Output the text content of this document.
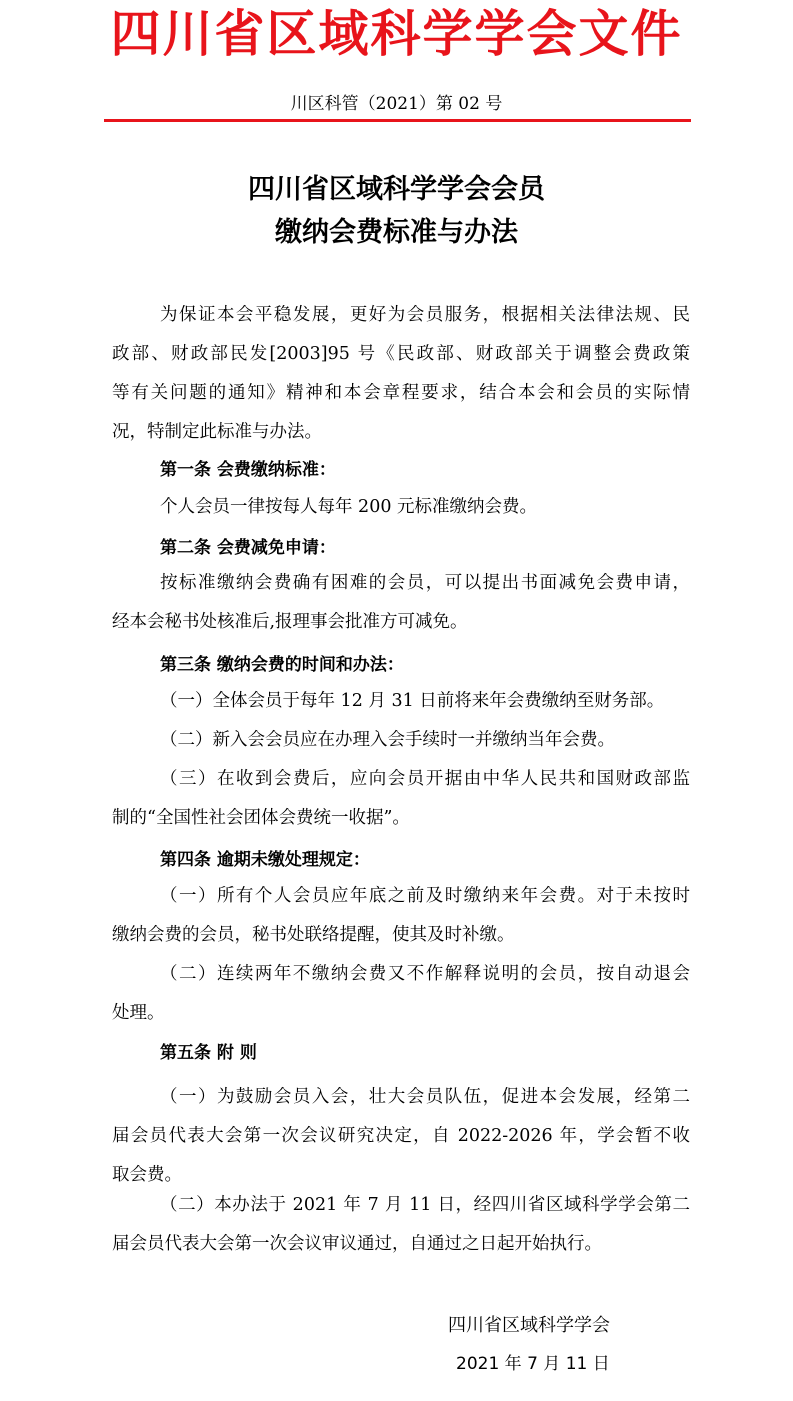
四川省区域科学学会文件
川区科管（2021）第 02 号
四川省区域科学学会会员
缴纳会费标准与办法
为保证本会平稳发展，更好为会员服务，根据相关法律法规、民
政部、财政部民发[2003]95 号《民政部、财政部关于调整会费政策
等有关问题的通知》精神和本会章程要求，结合本会和会员的实际情
况，特制定此标准与办法。
第一条 会费缴纳标准：
个人会员一律按每人每年 200 元标准缴纳会费。
第二条 会费减免申请：
按标准缴纳会费确有困难的会员，可以提出书面减免会费申请，
经本会秘书处核准后,报理事会批准方可减免。
第三条 缴纳会费的时间和办法：
（一）全体会员于每年 12 月 31 日前将来年会费缴纳至财务部。
（二）新入会会员应在办理入会手续时一并缴纳当年会费。
（三）在收到会费后，应向会员开据由中华人民共和国财政部监
制的“全国性社会团体会费统一收据”。
第四条 逾期未缴处理规定：
（一）所有个人会员应年底之前及时缴纳来年会费。对于未按时
缴纳会费的会员，秘书处联络提醒，使其及时补缴。
（二）连续两年不缴纳会费又不作解释说明的会员，按自动退会
处理。
第五条 附 则
（一）为鼓励会员入会，壮大会员队伍，促进本会发展，经第二
届会员代表大会第一次会议研究决定，自 2022-2026 年，学会暂不收
取会费。
（二）本办法于 2021 年 7 月 11 日，经四川省区域科学学会第二
届会员代表大会第一次会议审议通过，自通过之日起开始执行。
四川省区域科学学会
2021 年 7 月 11 日
